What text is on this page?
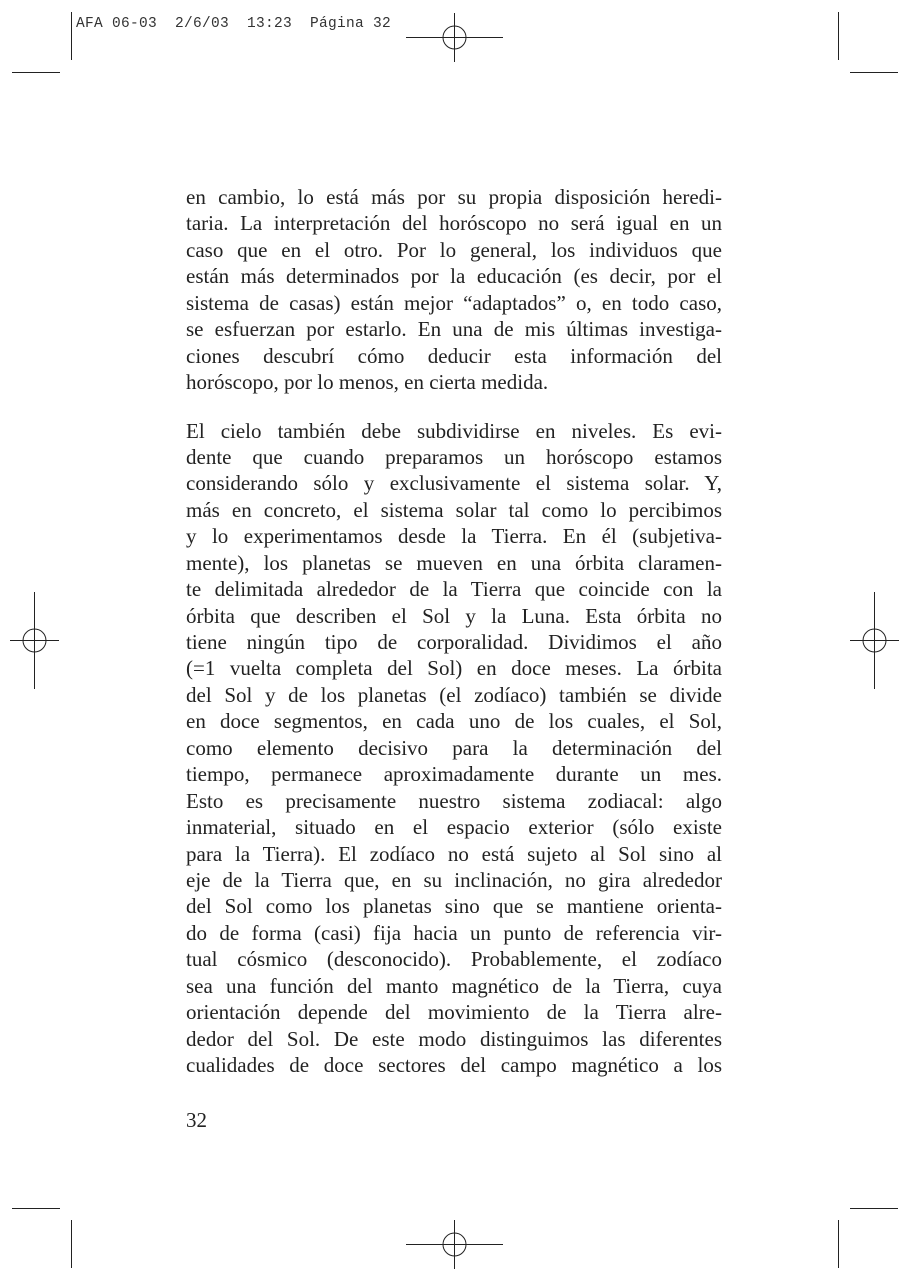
AFA 06-03  2/6/03  13:23  Página 32
en cambio, lo está más por su propia disposición heredi-
taria. La interpretación del horóscopo no será igual en un
caso que en el otro. Por lo general, los individuos que
están más determinados por la educación (es decir, por el
sistema de casas) están mejor “adaptados” o, en todo caso,
se esfuerzan por estarlo. En una de mis últimas investiga-
ciones descubrí cómo deducir esta información del
horóscopo, por lo menos, en cierta medida.
El cielo también debe subdividirse en niveles. Es evi-
dente que cuando preparamos un horóscopo estamos
considerando sólo y exclusivamente el sistema solar. Y,
más en concreto, el sistema solar tal como lo percibimos
y lo experimentamos desde la Tierra. En él (subjetiva-
mente), los planetas se mueven en una órbita claramen-
te delimitada alrededor de la Tierra que coincide con la
órbita que describen el Sol y la Luna. Esta órbita no
tiene ningún tipo de corporalidad. Dividimos el año
(=1 vuelta completa del Sol) en doce meses. La órbita
del Sol y de los planetas (el zodíaco) también se divide
en doce segmentos, en cada uno de los cuales, el Sol,
como elemento decisivo para la determinación del
tiempo, permanece aproximadamente durante un mes.
Esto es precisamente nuestro sistema zodiacal: algo
inmaterial, situado en el espacio exterior (sólo existe
para la Tierra). El zodíaco no está sujeto al Sol sino al
eje de la Tierra que, en su inclinación, no gira alrededor
del Sol como los planetas sino que se mantiene orienta-
do de forma (casi) fija hacia un punto de referencia vir-
tual cósmico (desconocido). Probablemente, el zodíaco
sea una función del manto magnético de la Tierra, cuya
orientación depende del movimiento de la Tierra alre-
dedor del Sol. De este modo distinguimos las diferentes
cualidades de doce sectores del campo magnético a los
32
